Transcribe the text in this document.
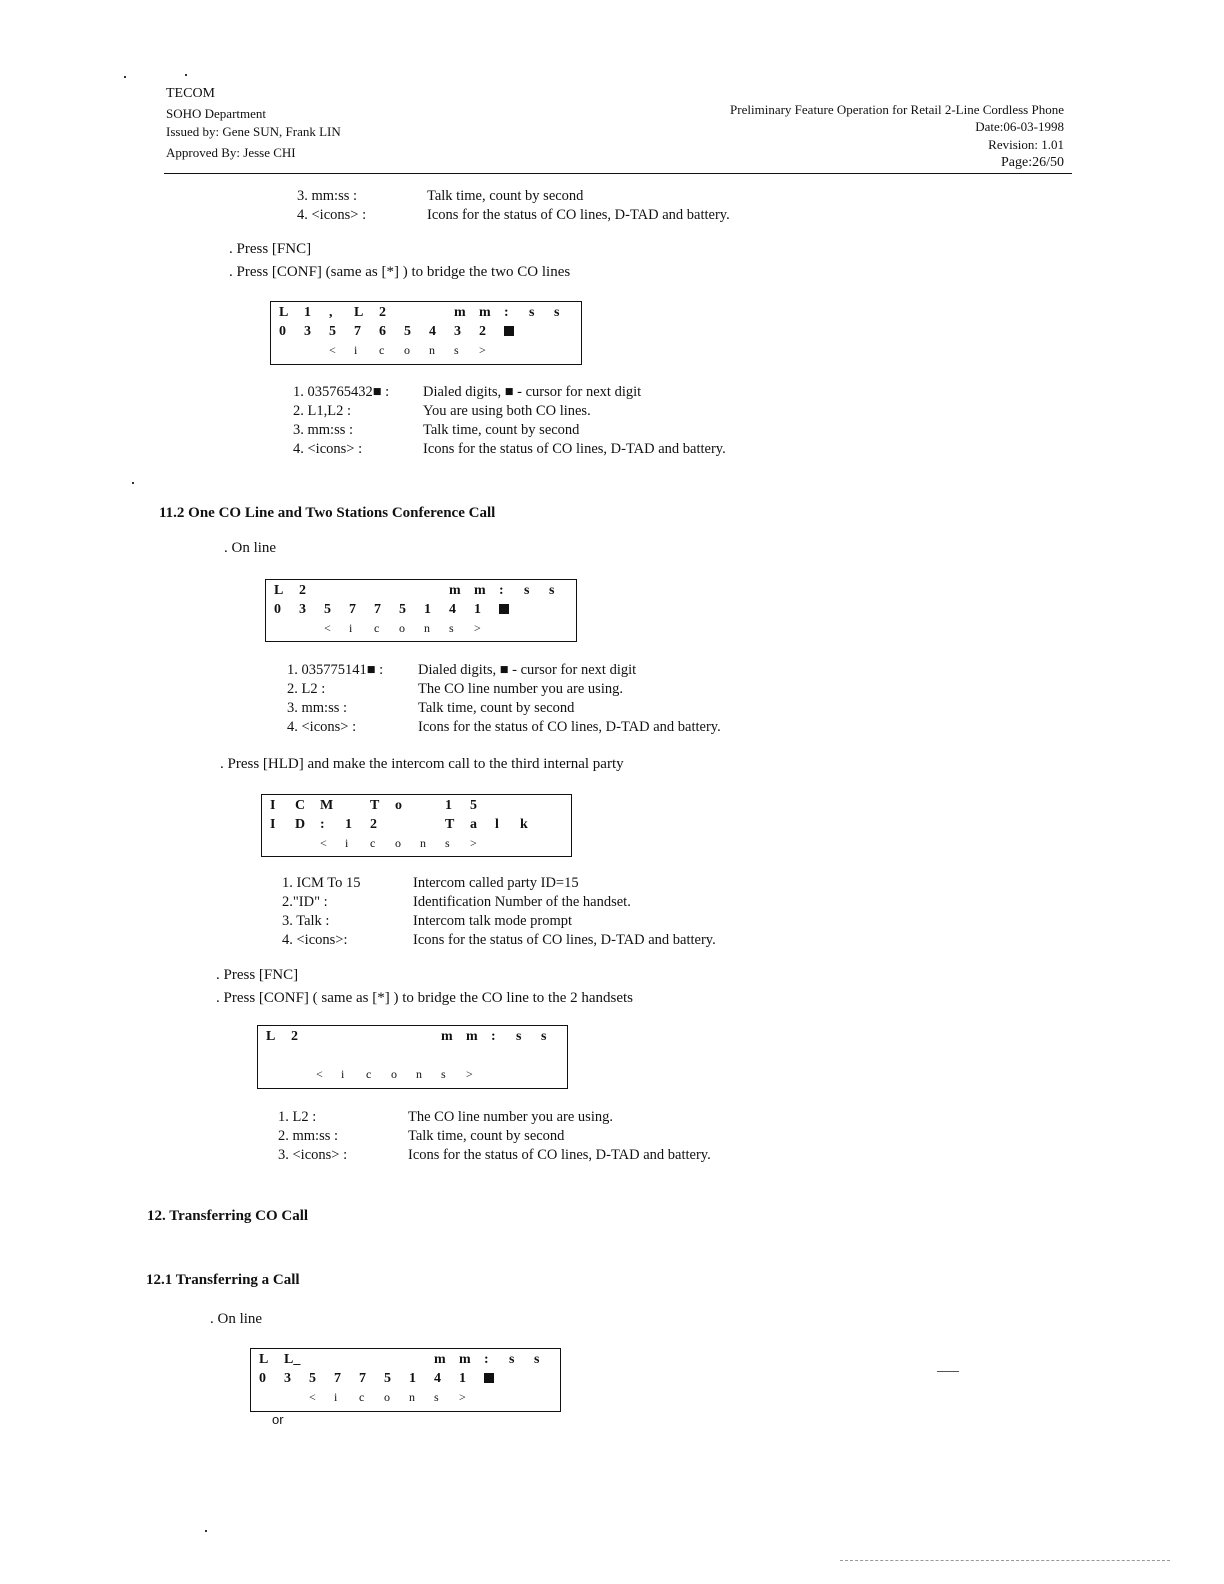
TECOM
SOHO Department
Issued by: Gene SUN, Frank LIN
Approved By: Jesse CHI
Preliminary Feature Operation for Retail 2-Line Cordless Phone
Date:06-03-1998
Revision: 1.01
Page:26/50
3. mm:ss :	Talk time, count by second
4. <icons> :	Icons for the status of CO lines, D-TAD and battery.
. Press [FNC]
. Press [CONF] (same as [*] ) to bridge the two CO lines
L 1 , L 2	m m : s s
0 3 5 7 6 5 4 3 2
< i c o n s >
1. 035765432■ : Dialed digits, ■ - cursor for next digit
2. L1,L2 :	You are using both CO lines.
3. mm:ss :	Talk time, count by second
4. <icons> :	Icons for the status of CO lines, D-TAD and battery.
11.2 One CO Line and Two Stations Conference Call
. On line
L 2	m m : s s
0 3 5 7 7 5 1 4 1
< i c o n s >
1. 035775141■ : Dialed digits, ■ - cursor for next digit
2. L2 :	The CO line number you are using.
3. mm:ss :	Talk time, count by second
4. <icons> :	Icons for the status of CO lines, D-TAD and battery.
. Press [HLD] and make the intercom call to the third internal party
I C M	T o	1 5
I D : 1 2	T a l k
< i c o n s >
1. ICM To 15	Intercom called party ID=15
2."ID" :	Identification Number of the handset.
3. Talk :	Intercom talk mode prompt
4. <icons>:	Icons for the status of CO lines, D-TAD and battery.
. Press [FNC]
. Press [CONF] ( same as [*] ) to bridge the CO line to the 2 handsets
L 2	m m : s s
< i c o n s >
1. L2 :	The CO line number you are using.
2. mm:ss :	Talk time, count by second
3. <icons> :	Icons for the status of CO lines, D-TAD and battery.
12. Transferring CO Call
12.1 Transferring a Call
. On line
L L_	m m : s s
0 3 5 7 7 5 1 4 1
< i c o n s >
or
